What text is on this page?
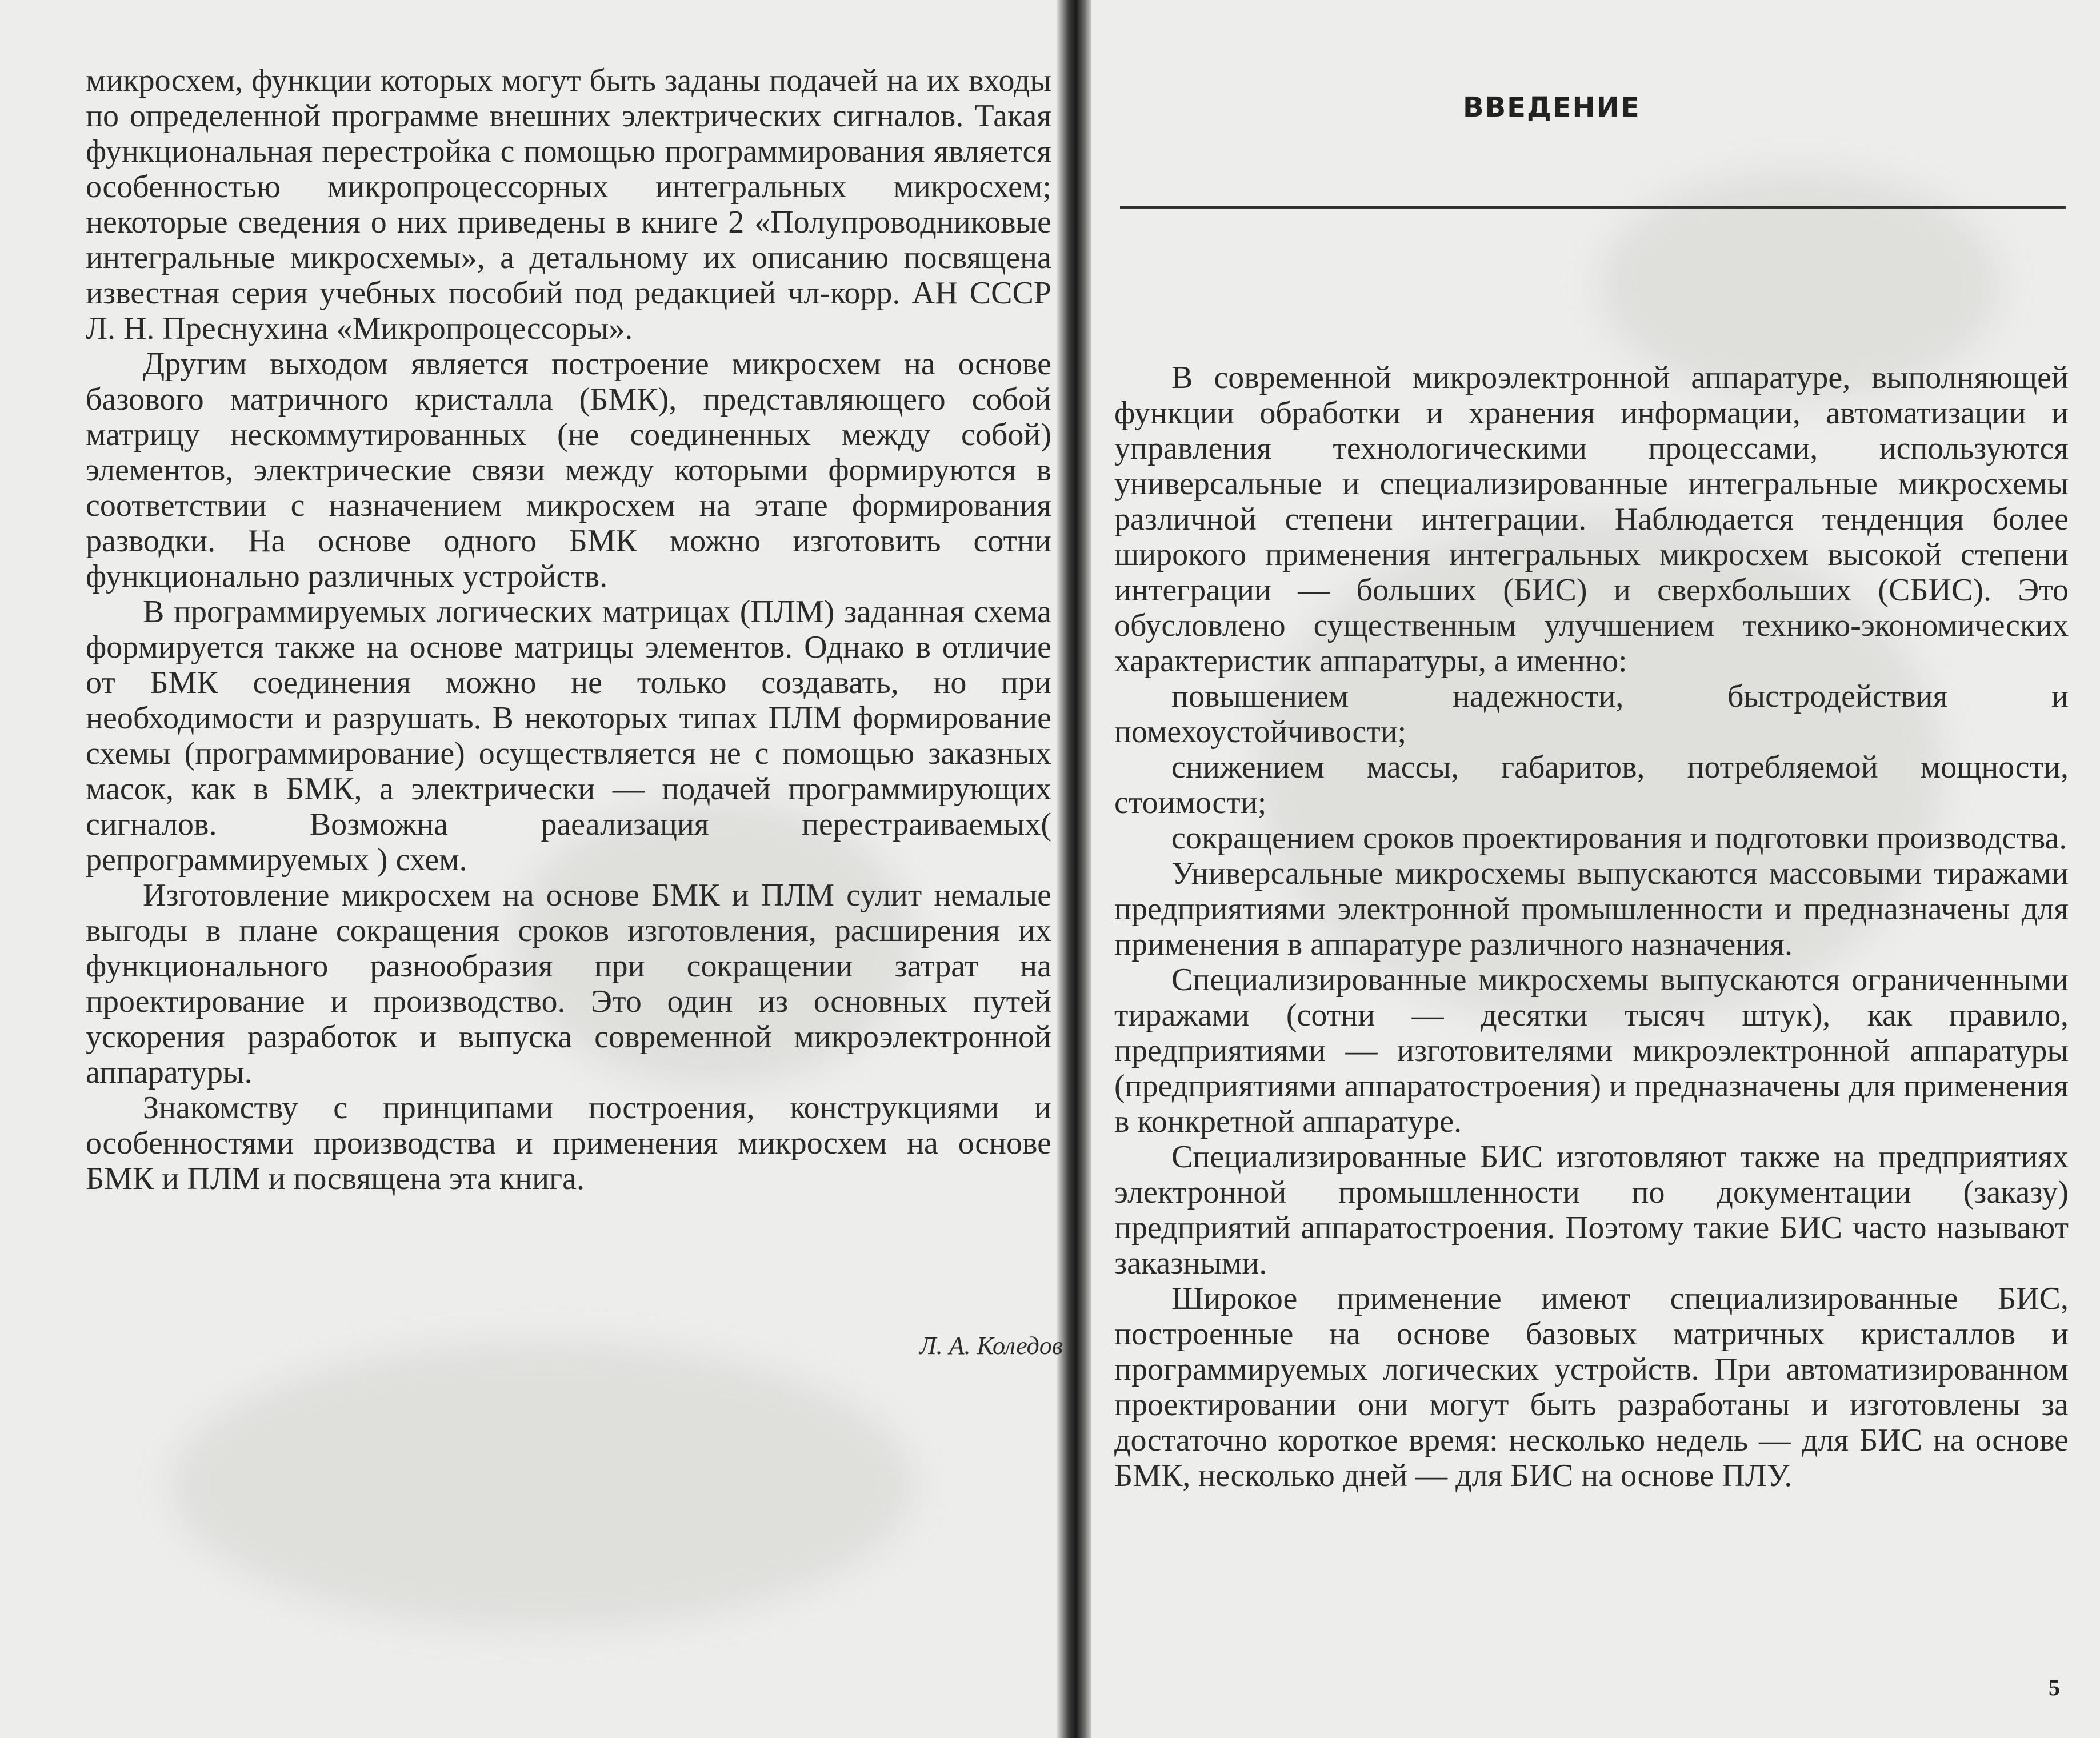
микросхем, функции которых могут быть заданы подачей на их входы по определенной программе внешних электрических сигналов. Такая функциональная перестройка с помощью программирования является особенностью микропроцессорных интегральных микросхем; некоторые сведения о них приведены в книге 2 «Полупроводниковые интегральные микросхемы», а детальному их описанию посвящена известная серия учебных пособий под редакцией чл-корр. АН СССР Л. Н. Преснухина «Микропроцессоры».

Другим выходом является построение микросхем на основе базового матричного кристалла (БМК), представляющего собой матрицу нескоммутированных (не соединенных между собой) элементов, электрические связи между которыми формируются в соответствии с назначением микросхем на этапе формирования разводки. На основе одного БМК можно изготовить сотни функционально различных устройств.

В программируемых логических матрицах (ПЛМ) заданная схема формируется также на основе матрицы элементов. Однако в отличие от БМК соединения можно не только создавать, но при необходимости и разрушать. В некоторых типах ПЛМ формирование схемы (программирование) осуществляется не с помощью заказных масок, как в БМК, а электрически — подачей программирующих сигналов. Возможна раеализация перестраиваемых( репрограммируемых ) схем.

Изготовление микросхем на основе БМК и ПЛМ сулит немалые выгоды в плане сокращения сроков изготовления, расширения их функционального разнообразия при сокращении затрат на проектирование и производство. Это один из основных путей ускорения разработок и выпуска современной микроэлектронной аппаратуры.

Знакомству с принципами построения, конструкциями и особенностями производства и применения микросхем на основе БМК и ПЛМ и посвящена эта книга.

Л. А. Коледов
ВВЕДЕНИЕ

В современной микроэлектронной аппаратуре, выполняющей функции обработки и хранения информации, автоматизации и управления технологическими процессами, используются универсальные и специализированные интегральные микросхемы различной степени интеграции. Наблюдается тенденция более широкого применения интегральных микросхем высокой степени интеграции — больших (БИС) и сверхбольших (СБИС). Это обусловлено существенным улучшением технико-экономических характеристик аппаратуры, а именно:

повышением надежности, быстродействия и помехоустойчивости;

снижением массы, габаритов, потребляемой мощности, стоимости;

сокращением сроков проектирования и подготовки производства.

Универсальные микросхемы выпускаются массовыми тиражами предприятиями электронной промышленности и предназначены для применения в аппаратуре различного назначения.

Специализированные микросхемы выпускаются ограниченными тиражами (сотни — десятки тысяч штук), как правило, предприятиями — изготовителями микроэлектронной аппаратуры (предприятиями аппаратостроения) и предназначены для применения в конкретной аппаратуре.

Специализированные БИС изготовляют также на предприятиях электронной промышленности по документации (заказу) предприятий аппаратостроения. Поэтому такие БИС часто называют заказными.

Широкое применение имеют специализированные БИС, построенные на основе базовых матричных кристаллов и программируемых логических устройств. При автоматизированном проектировании они могут быть разработаны и изготовлены за достаточно короткое время: несколько недель — для БИС на основе БМК, несколько дней — для БИС на основе ПЛУ.

5
